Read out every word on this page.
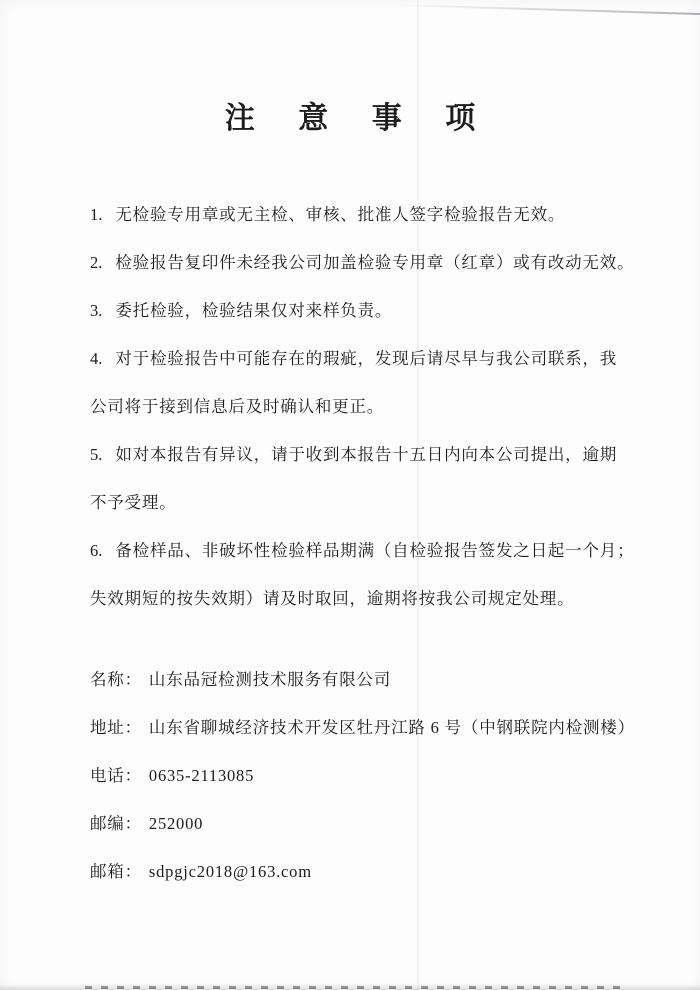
注 意 事 项
1. 无检验专用章或无主检、审核、批准人签字检验报告无效。
2. 检验报告复印件未经我公司加盖检验专用章（红章）或有改动无效。
3. 委托检验，检验结果仅对来样负责。
4. 对于检验报告中可能存在的瑕疵，发现后请尽早与我公司联系，我
公司将于接到信息后及时确认和更正。
5. 如对本报告有异议，请于收到本报告十五日内向本公司提出，逾期
不予受理。
6. 备检样品、非破坏性检验样品期满（自检验报告签发之日起一个月；
失效期短的按失效期）请及时取回，逾期将按我公司规定处理。
名称： 山东品冠检测技术服务有限公司
地址： 山东省聊城经济技术开发区牡丹江路 6 号（中钢联院内检测楼）
电话： 0635-2113085
邮编： 252000
邮箱： sdpgjc2018@163.com
